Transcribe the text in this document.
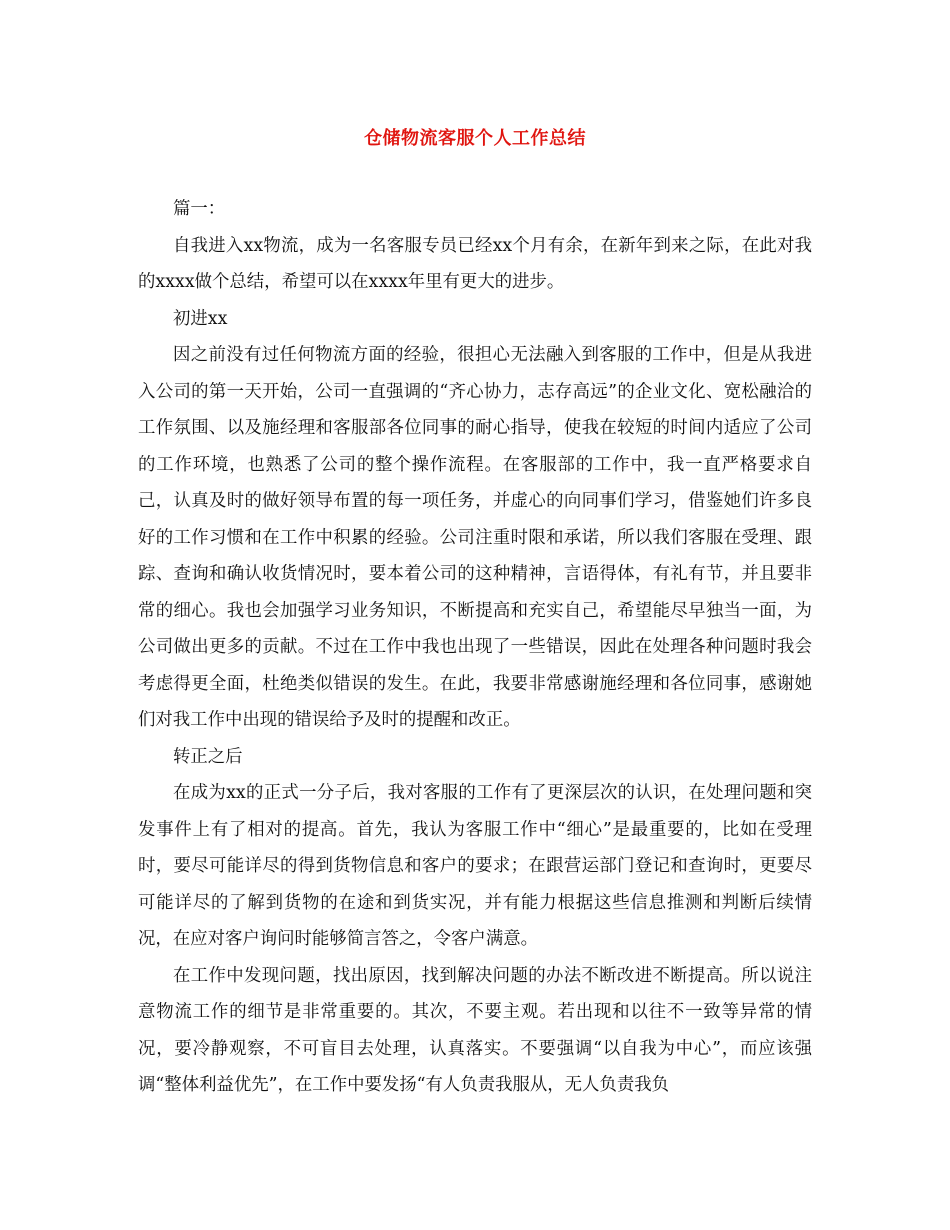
仓储物流客服个人工作总结

篇一：

自我进入xx物流，成为一名客服专员已经xx个月有余，在新年到来之际，在此对我的xxxx做个总结，希望可以在xxxx年里有更大的进步。

初进xx

因之前没有过任何物流方面的经验，很担心无法融入到客服的工作中，但是从我进入公司的第一天开始，公司一直强调的“齐心协力，志存高远”的企业文化、宽松融洽的工作氛围、以及施经理和客服部各位同事的耐心指导，使我在较短的时间内适应了公司的工作环境，也熟悉了公司的整个操作流程。在客服部的工作中，我一直严格要求自己，认真及时的做好领导布置的每一项任务，并虚心的向同事们学习，借鉴她们许多良好的工作习惯和在工作中积累的经验。公司注重时限和承诺，所以我们客服在受理、跟踪、查询和确认收货情况时，要本着公司的这种精神，言语得体，有礼有节，并且要非常的细心。我也会加强学习业务知识，不断提高和充实自己，希望能尽早独当一面，为公司做出更多的贡献。不过在工作中我也出现了一些错误，因此在处理各种问题时我会考虑得更全面，杜绝类似错误的发生。在此，我要非常感谢施经理和各位同事，感谢她们对我工作中出现的错误给予及时的提醒和改正。

转正之后

在成为xx的正式一分子后，我对客服的工作有了更深层次的认识，在处理问题和突发事件上有了相对的提高。首先，我认为客服工作中“细心”是最重要的，比如在受理时，要尽可能详尽的得到货物信息和客户的要求；在跟营运部门登记和查询时，更要尽可能详尽的了解到货物的在途和到货实况，并有能力根据这些信息推测和判断后续情况，在应对客户询问时能够简言答之，令客户满意。

在工作中发现问题，找出原因，找到解决问题的办法不断改进不断提高。所以说注意物流工作的细节是非常重要的。其次，不要主观。若出现和以往不一致等异常的情况，要冷静观察，不可盲目去处理，认真落实。不要强调“以自我为中心”，而应该强调“整体利益优先”，在工作中要发扬“有人负责我服从，无人负责我负
